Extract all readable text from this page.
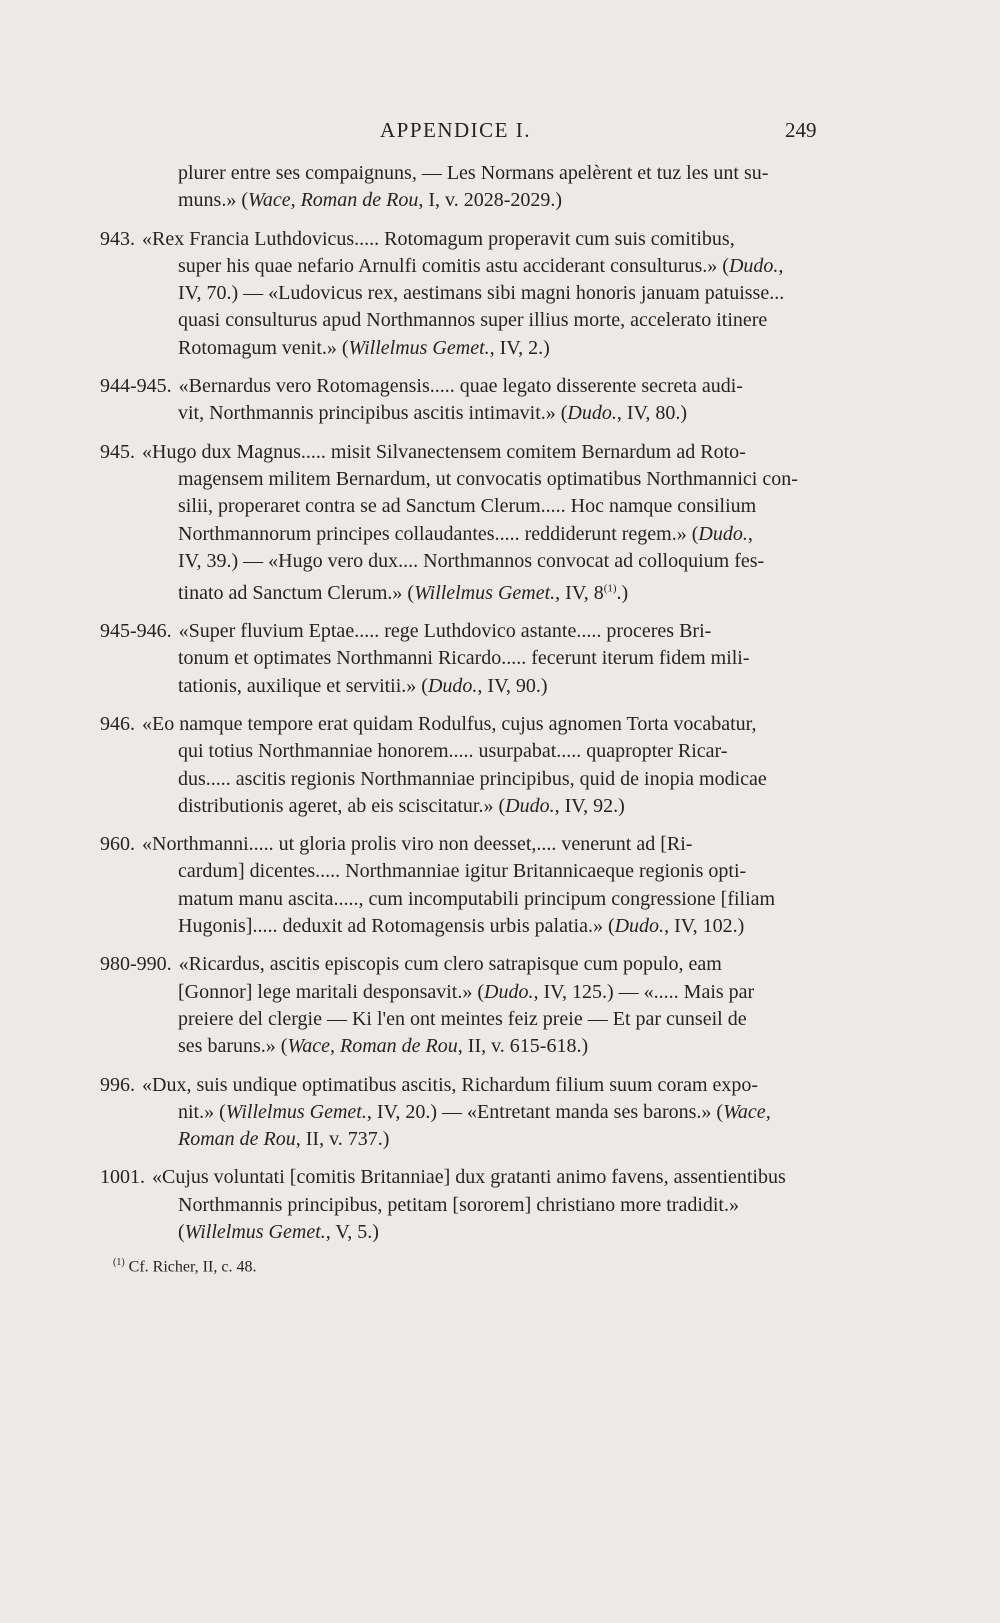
APPENDICE I.	249
plurer entre ses compaignuns, — Les Normans apelèrent et tuz les unt su-
muns.» (Wace, Roman de Rou, I, v. 2028-2029.)
943. «Rex Francia Luthdovicus..... Rotomagum properavit cum suis comitibus,
super his quae nefario Arnulfi comitis astu acciderant consulturus.» (Dudo.,
IV, 70.) — «Ludovicus rex, aestimans sibi magni honoris januam patuisse...
quasi consulturus apud Northmannos super illius morte, accelerato itinere
Rotomagum venit.» (Willelmus Gemet., IV, 2.)
944-945. «Bernardus vero Rotomagensis..... quae legato disserente secreta audi-
vit, Northmannis principibus ascitis intimavit.» (Dudo., IV, 80.)
945. «Hugo dux Magnus..... misit Silvanectensem comitem Bernardum ad Roto-
magensem militem Bernardum, ut convocatis optimatibus Northmannici con-
silii, properaret contra se ad Sanctum Clerum..... Hoc namque consilium
Northmannorum principes collaudantes..... reddiderunt regem.» (Dudo.,
IV, 39.) — «Hugo vero dux.... Northmannos convocat ad colloquium fes-
tinato ad Sanctum Clerum.» (Willelmus Gemet., IV, 8$^{(1)}$.)
945-946. «Super fluvium Eptae..... rege Luthdovico astante..... proceres Bri-
tonum et optimates Northmanni Ricardo..... fecerunt iterum fidem mili-
tationis, auxilique et servitii.» (Dudo., IV, 90.)
946. «Eo namque tempore erat quidam Rodulfus, cujus agnomen Torta vocabatur,
qui totius Northmanniae honorem..... usurpabat..... quapropter Ricar-
dus..... ascitis regionis Northmanniae principibus, quid de inopia modicae
distributionis ageret, ab eis sciscitatur.» (Dudo., IV, 92.)
960. «Northmanni..... ut gloria prolis viro non deesset,.... venerunt ad [Ri-
cardum] dicentes..... Northmanniae igitur Britannicaeque regionis opti-
matum manu ascita....., cum incomputabili principum congressione [filiam
Hugonis]..... deduxit ad Rotomagensis urbis palatia.» (Dudo., IV, 102.)
980-990. «Ricardus, ascitis episcopis cum clero satrapisque cum populo, eam
[Gonnor] lege maritali desponsavit.» (Dudo., IV, 125.) — «..... Mais par
preiere del clergie — Ki l'en ont meintes feiz preie — Et par cunseil de
ses baruns.» (Wace, Roman de Rou, II, v. 615-618.)
996. «Dux, suis undique optimatibus ascitis, Richardum filium suum coram expo-
nit.» (Willelmus Gemet., IV, 20.) — «Entretant manda ses barons.» (Wace,
Roman de Rou, II, v. 737.)
1001. «Cujus voluntati [comitis Britanniae] dux gratanti animo favens, assentientibus
Northmannis principibus, petitam [sororem] christiano more tradidit.»
(Willelmus Gemet., V, 5.)
$^{(1)}$ Cf. Richer, II, c. 48.
